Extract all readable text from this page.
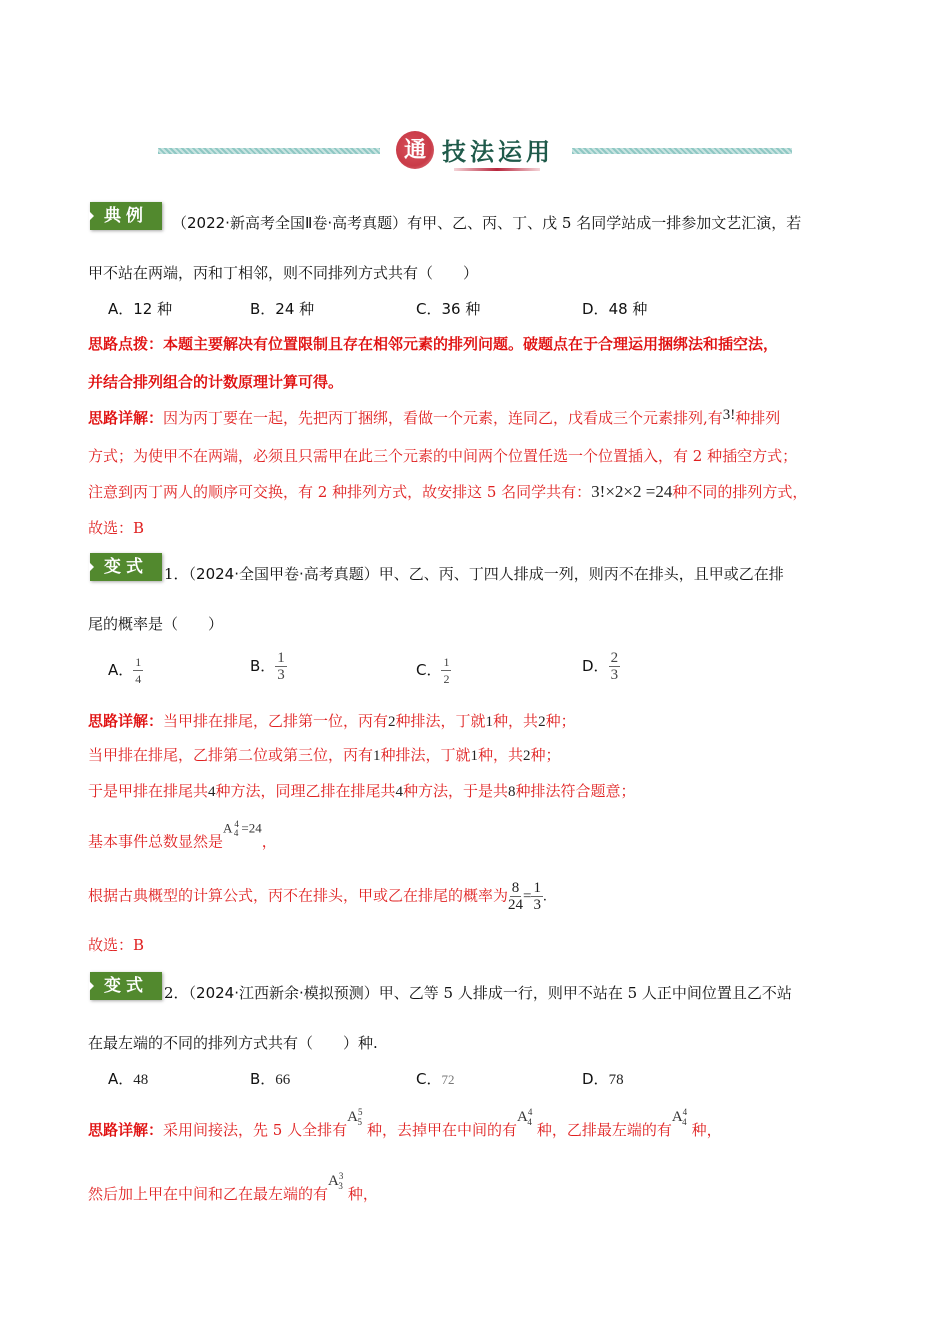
通 技法运用
典例	（2022·新高考全国Ⅱ卷·高考真题）有甲、乙、丙、丁、戊 5 名同学站成一排参加文艺汇演，若
甲不站在两端，丙和丁相邻，则不同排列方式共有（　　）
A．12 种	B．24 种	C．36 种	D．48 种
思路点拨：本题主要解决有位置限制且存在相邻元素的排列问题。破题点在于合理运用捆绑法和插空法，
并结合排列组合的计数原理计算可得。
思路详解：因为丙丁要在一起，先把丙丁捆绑，看做一个元素，连同乙，戊看成三个元素排列,有3!种排列
方式；为使甲不在两端，必须且只需甲在此三个元素的中间两个位置任选一个位置插入，有 2 种插空方式；
注意到丙丁两人的顺序可交换，有 2 种排列方式，故安排这 5 名同学共有：3!×2×2 =24种不同的排列方式，
故选：B
变式	1．（2024·全国甲卷·高考真题）甲、乙、丙、丁四人排成一列，则丙不在排头，且甲或乙在排
尾的概率是（　　）
A． $\frac{1}{4}$	B． $\frac{1}{3}$	C． $\frac{1}{2}$	D． $\frac{2}{3}$
思路详解：当甲排在排尾，乙排第一位，丙有2种排法，丁就1种，共2种；
当甲排在排尾，乙排第二位或第三位，丙有1种排法，丁就1种，共2种；
于是甲排在排尾共4种方法，同理乙排在排尾共4种方法，于是共8种排法符合题意；
基本事件总数显然是A $^4_4$ =24，
根据古典概型的计算公式，丙不在排头，甲或乙在排尾的概率为 $\frac{8}{24} = \frac{1}{3}$ .
故选：B
变式	2．（2024·江西新余·模拟预测）甲、乙等 5 人排成一行，则甲不站在 5 人正中间位置且乙不站
在最左端的不同的排列方式共有（　　）种.
A．48	B．66	C．72	D．78
思路详解：采用间接法，先 5 人全排有$A^5_5$ 种，去掉甲在中间的有$A^4_4$ 种，乙排最左端的有$A^4_4$ 种，
然后加上甲在中间和乙在最左端的有$A^3_3$ 种，
